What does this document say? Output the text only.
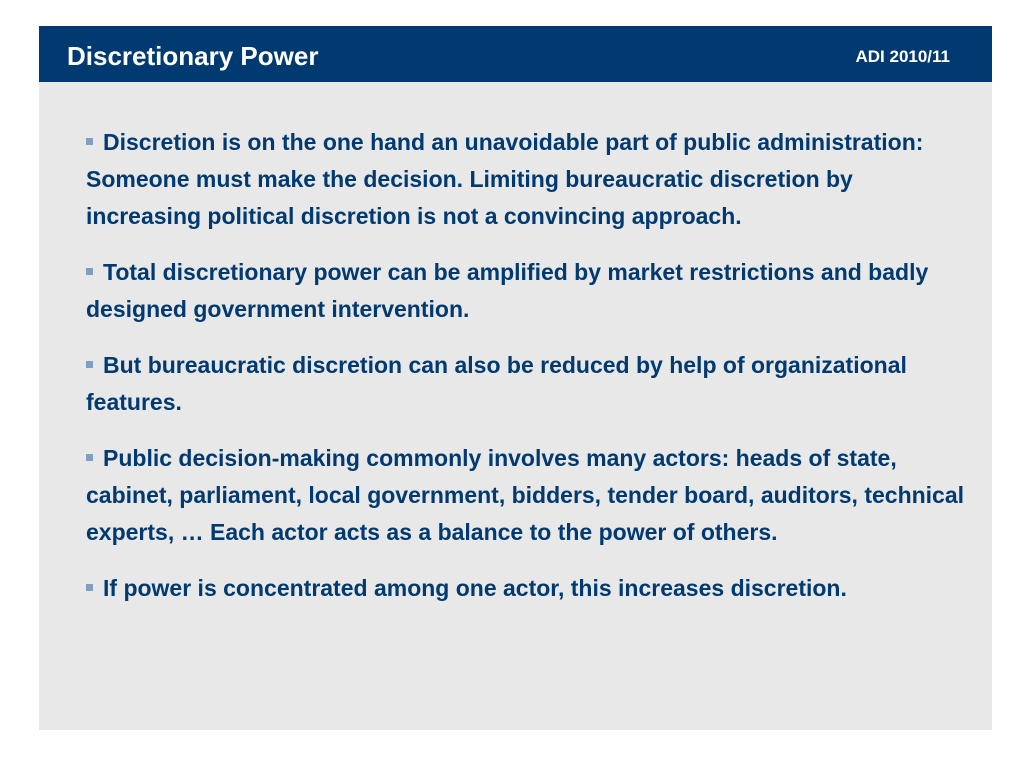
Discretionary Power	ADI 2010/11
Discretion is on the one hand an unavoidable part of public administration: Someone must make the decision. Limiting bureaucratic discretion by increasing political discretion is not a convincing approach.
Total discretionary power can be amplified by market restrictions and badly designed government intervention.
But bureaucratic discretion can also be reduced by help of organizational features.
Public decision-making commonly involves many actors: heads of state, cabinet, parliament, local government, bidders, tender board, auditors, technical experts, … Each actor acts as a balance to the power of others.
If power is concentrated among one actor, this increases discretion.
